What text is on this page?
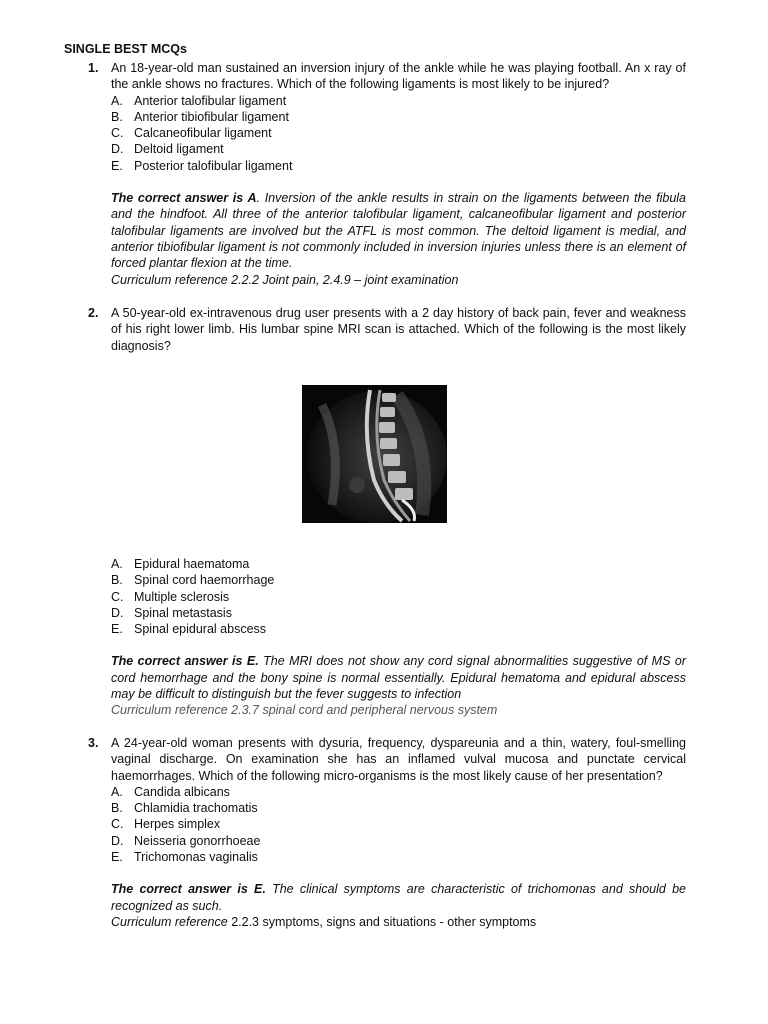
SINGLE BEST MCQs
1. An 18-year-old man sustained an inversion injury of the ankle while he was playing football. An x ray of the ankle shows no fractures. Which of the following ligaments is most likely to be injured?
A. Anterior talofibular ligament
B. Anterior tibiofibular ligament
C. Calcaneofibular ligament
D. Deltoid ligament
E. Posterior talofibular ligament
The correct answer is A. Inversion of the ankle results in strain on the ligaments between the fibula and the hindfoot. All three of the anterior talofibular ligament, calcaneofibular ligament and posterior talofibular ligaments are involved but the ATFL is most common. The deltoid ligament is medial, and anterior tibiofibular ligament is not commonly included in inversion injuries unless there is an element of forced plantar flexion at the time.
Curriculum reference 2.2.2 Joint pain, 2.4.9 – joint examination
2. A 50-year-old ex-intravenous drug user presents with a 2 day history of back pain, fever and weakness of his right lower limb. His lumbar spine MRI scan is attached. Which of the following is the most likely diagnosis?
A. Epidural haematoma
B. Spinal cord haemorrhage
C. Multiple sclerosis
D. Spinal metastasis
E. Spinal epidural abscess
The correct answer is E. The MRI does not show any cord signal abnormalities suggestive of MS or cord hemorrhage and the bony spine is normal essentially. Epidural hematoma and epidural abscess may be difficult to distinguish but the fever suggests to infection
Curriculum reference 2.3.7 spinal cord and peripheral nervous system
3. A 24-year-old woman presents with dysuria, frequency, dyspareunia and a thin, watery, foul-smelling vaginal discharge. On examination she has an inflamed vulval mucosa and punctate cervical haemorrhages. Which of the following micro-organisms is the most likely cause of her presentation?
A. Candida albicans
B. Chlamidia trachomatis
C. Herpes simplex
D. Neisseria gonorrhoeae
E. Trichomonas vaginalis
The correct answer is E. The clinical symptoms are characteristic of trichomonas and should be recognized as such.
Curriculum reference 2.2.3 symptoms, signs and situations - other symptoms
